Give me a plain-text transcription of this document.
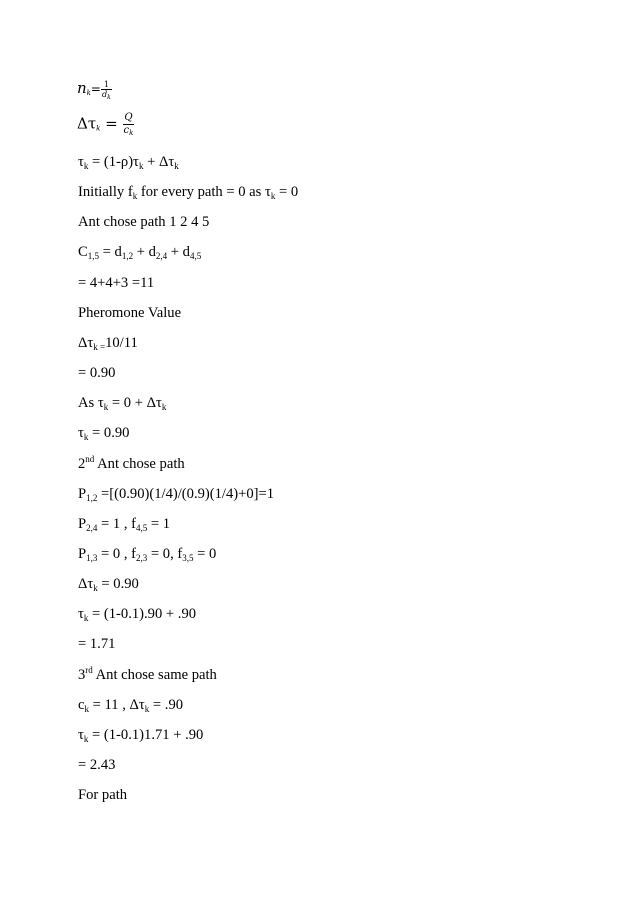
$nk= \frac{1}{d_k}$
$\Delta\tau k = \frac{Q}{c_k}$
$\tau_k = (1-\rho)\tau_k + \Delta\tau_k$
Initially $f_k$ for every path = 0 as $\tau_k = 0$
Ant chose path 1 2 4 5
$C_{1,5} = d_{1,2} + d_{2,4} + d_{4,5}$
= 4+4+3 =11
Pheromone Value
$\Delta\tau_{k =}10/11$
= 0.90
As $\tau_k = 0 + \Delta\tau_k$
$\tau_k = 0.90$
2nd Ant chose path
$P_{1,2} =[(0.90)(1/4)/(0.9)(1/4)+0]=1$
$P_{2,4} = 1$ , $f_{4,5} = 1$
$P_{1,3} = 0$ , $f_{2,3} = 0$, $f_{3,5} = 0$
$\Delta\tau_k = 0.90$
$\tau_k = (1-0.1).90 + .90$
= 1.71
3rd Ant chose same path
$c_k = 11$ , $\Delta\tau_k = .90$
$\tau_k = (1-0.1)1.71 + .90$
= 2.43
For path
